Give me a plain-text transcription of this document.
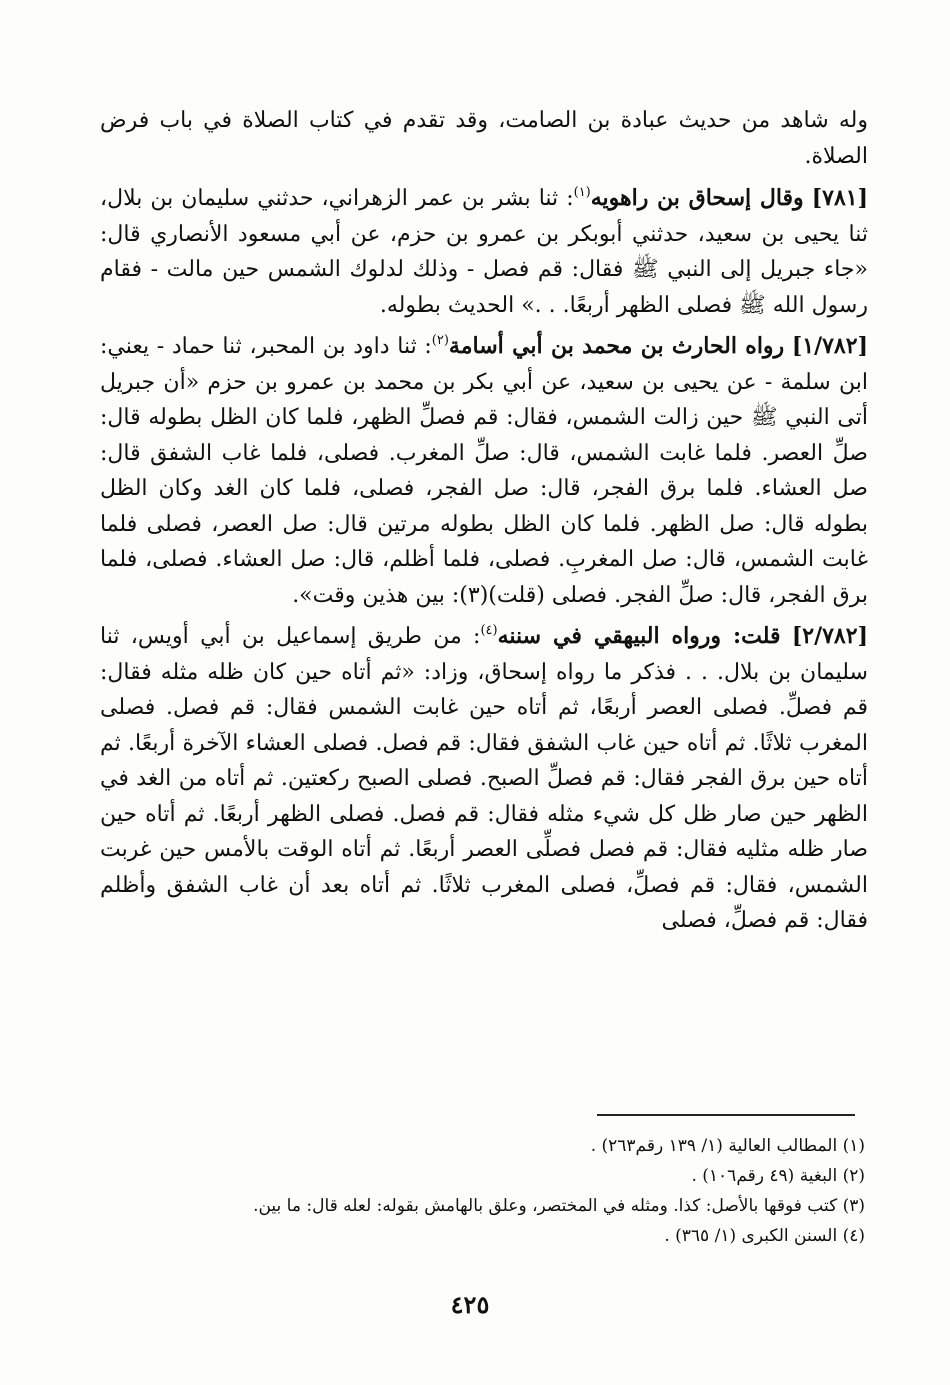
وله شاهد من حديث عبادة بن الصامت، وقد تقدم في كتاب الصلاة في باب فرض الصلاة.

[٧٨١] وقال إسحاق بن راهويه$^{(١)}$: ثنا بشر بن عمر الزهراني، حدثني سليمان بن بلال، ثنا يحيى بن سعيد، حدثني أبوبكر بن عمرو بن حزم، عن أبي مسعود الأنصاري قال: «جاء جبريل إلى النبي ﷺ فقال: قم فصل - وذلك لدلوك الشمس حين مالت - فقام رسول الله ﷺ فصلى الظهر أربعًا. . .» الحديث بطوله.

[١/٧٨٢] رواه الحارث بن محمد بن أبي أسامة$^{(٢)}$: ثنا داود بن المحبر، ثنا حماد - يعني: ابن سلمة - عن يحيى بن سعيد، عن أبي بكر بن محمد بن عمرو بن حزم «أن جبريل أتى النبي ﷺ حين زالت الشمس، فقال: قم فصلِّ الظهر، فلما كان الظل بطوله قال: صلِّ العصر. فلما غابت الشمس، قال: صلِّ المغرب. فصلى، فلما غاب الشفق قال: صل العشاء. فلما برق الفجر، قال: صل الفجر، فصلى، فلما كان الغد وكان الظل بطوله قال: صل الظهر. فلما كان الظل بطوله مرتين قال: صل العصر، فصلى فلما غابت الشمس، قال: صل المغربِ. فصلى، فلما أظلم، قال: صل العشاء. فصلى، فلما برق الفجر، قال: صلِّ الفجر. فصلى (قلت)(٣): بين هذين وقت».

[٢/٧٨٢] قلت: ورواه البيهقي في سننه$^{(٤)}$: من طريق إسماعيل بن أبي أويس، ثنا سليمان بن بلال. . . فذكر ما رواه إسحاق، وزاد: «ثم أتاه حين كان ظله مثله فقال: قم فصلِّ. فصلى العصر أربعًا، ثم أتاه حين غابت الشمس فقال: قم فصل. فصلى المغرب ثلاثًا. ثم أتاه حين غاب الشفق فقال: قم فصل. فصلى العشاء الآخرة أربعًا. ثم أتاه حين برق الفجر فقال: قم فصلِّ الصبح. فصلى الصبح ركعتين. ثم أتاه من الغد في الظهر حين صار ظل كل شيء مثله فقال: قم فصل. فصلى الظهر أربعًا. ثم أتاه حين صار ظله مثليه فقال: قم فصل فصلِّى العصر أربعًا. ثم أتاه الوقت بالأمس حين غربت الشمس، فقال: قم فصلِّ، فصلى المغرب ثلاثًا. ثم أتاه بعد أن غاب الشفق وأظلم فقال: قم فصلِّ، فصلى

(١) المطالب العالية (١/ ١٣٩ رقم٢٦٣) .
(٢) البغية (٤٩ رقم١٠٦) .
(٣) كتب فوقها بالأصل: كذا. ومثله في المختصر، وعلق بالهامش بقوله: لعله قال: ما بين.
(٤) السنن الكبرى (١/ ٣٦٥) .
٤٢٥
